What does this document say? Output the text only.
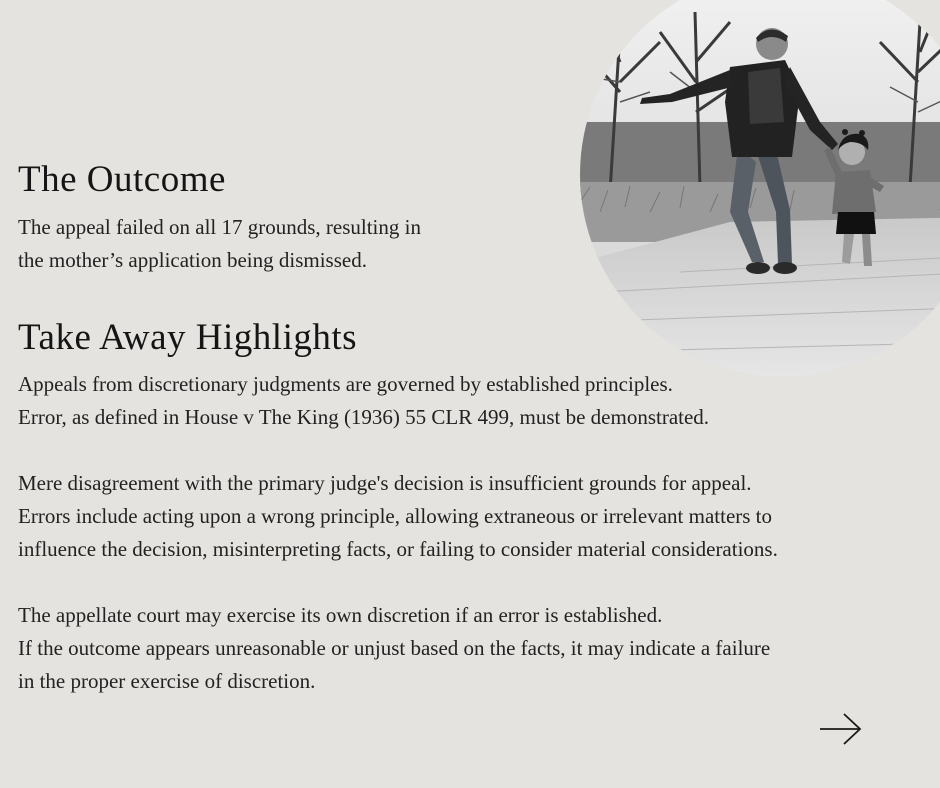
The Outcome
The appeal failed on all 17 grounds, resulting in
the mother’s application being dismissed.
Take Away Highlights
Appeals from discretionary judgments are governed by established principles.
Error, as defined in House v The King (1936) 55 CLR 499, must be demonstrated.
Mere disagreement with the primary judge's decision is insufficient grounds for appeal.
Errors include acting upon a wrong principle, allowing extraneous or irrelevant matters to
influence the decision, misinterpreting facts, or failing to consider material considerations.
The appellate court may exercise its own discretion if an error is established.
If the outcome appears unreasonable or unjust based on the facts, it may indicate a failure
in the proper exercise of discretion.
